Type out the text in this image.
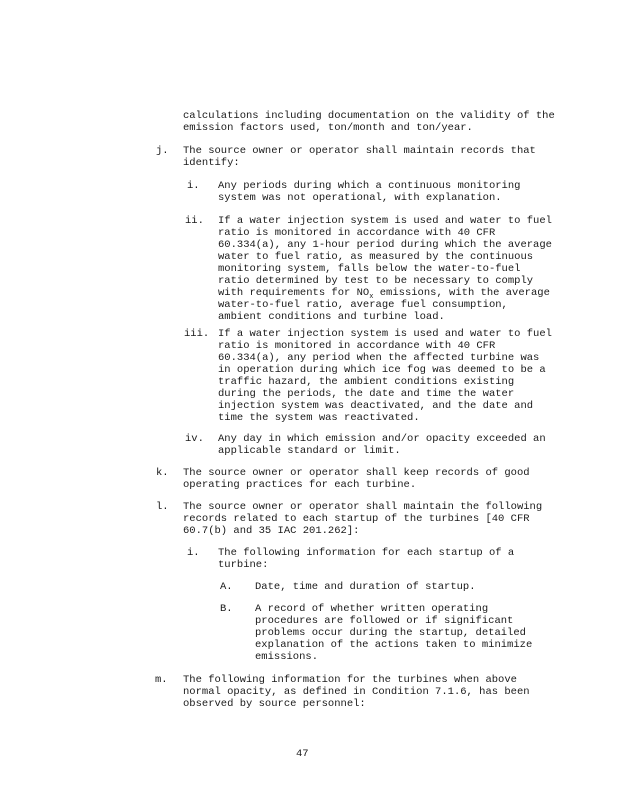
calculations including documentation on the validity of the
emission factors used, ton/month and ton/year.
j. The source owner or operator shall maintain records that
identify:
i. Any periods during which a continuous monitoring
system was not operational, with explanation.
ii. If a water injection system is used and water to fuel
ratio is monitored in accordance with 40 CFR
60.334(a), any 1-hour period during which the average
water to fuel ratio, as measured by the continuous
monitoring system, falls below the water-to-fuel
ratio determined by test to be necessary to comply
with requirements for $NO_x$ emissions, with the average
water-to-fuel ratio, average fuel consumption,
ambient conditions and turbine load.
iii. If a water injection system is used and water to fuel
ratio is monitored in accordance with 40 CFR
60.334(a), any period when the affected turbine was
in operation during which ice fog was deemed to be a
traffic hazard, the ambient conditions existing
during the periods, the date and time the water
injection system was deactivated, and the date and
time the system was reactivated.
iv. Any day in which emission and/or opacity exceeded an
applicable standard or limit.
k. The source owner or operator shall keep records of good
operating practices for each turbine.
l. The source owner or operator shall maintain the following
records related to each startup of the turbines [40 CFR
60.7(b) and 35 IAC 201.262]:
i. The following information for each startup of a
turbine:
A. Date, time and duration of startup.
B. A record of whether written operating
procedures are followed or if significant
problems occur during the startup, detailed
explanation of the actions taken to minimize
emissions.
m. The following information for the turbines when above
normal opacity, as defined in Condition 7.1.6, has been
observed by source personnel:
47
